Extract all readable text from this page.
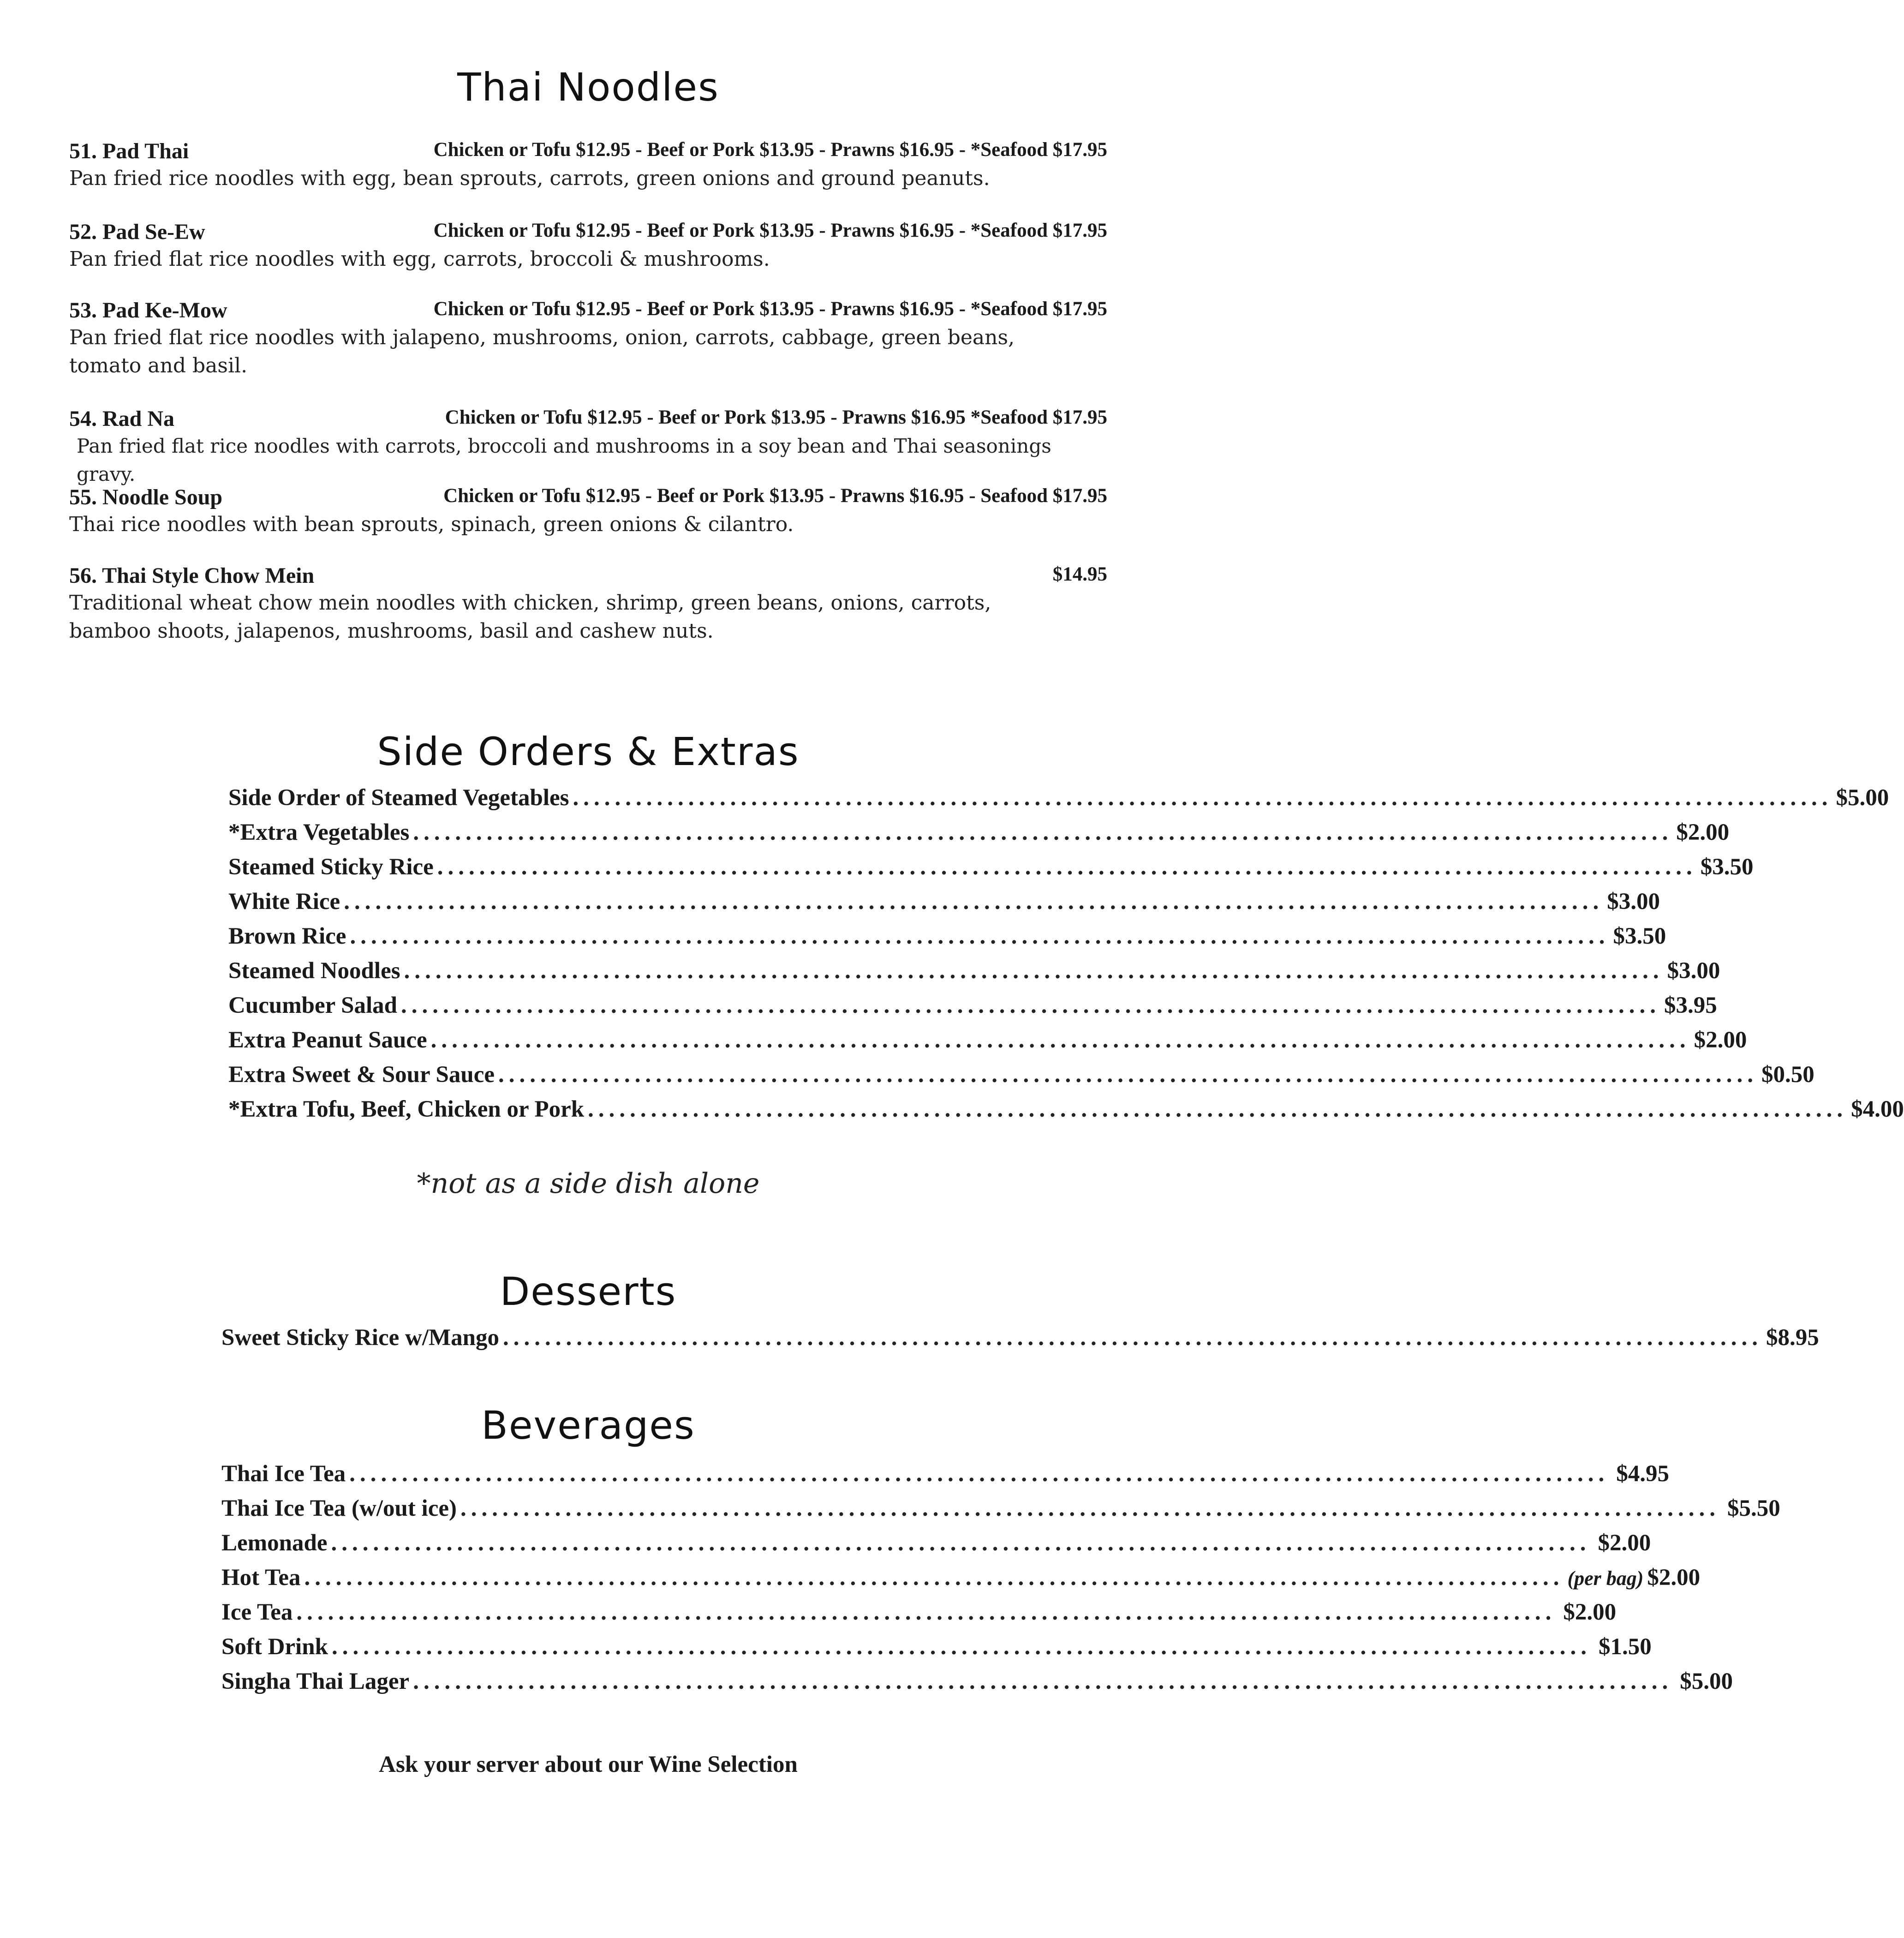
Thai Noodles
51. Pad Thai	Chicken or Tofu $12.95 - Beef or Pork $13.95 - Prawns $16.95 - *Seafood $17.95
Pan fried rice noodles with egg, bean sprouts, carrots, green onions and ground peanuts.
52. Pad Se-Ew	Chicken or Tofu $12.95 - Beef or Pork $13.95 - Prawns $16.95 - *Seafood $17.95
Pan fried flat rice noodles with egg, carrots, broccoli & mushrooms.
53. Pad Ke-Mow	Chicken or Tofu $12.95 - Beef or Pork $13.95 - Prawns $16.95 - *Seafood $17.95
Pan fried flat rice noodles with jalapeno, mushrooms, onion, carrots, cabbage, green beans, tomato and basil.
54. Rad Na	Chicken or Tofu $12.95 - Beef or Pork $13.95 - Prawns $16.95 *Seafood $17.95
Pan fried flat rice noodles with carrots, broccoli and mushrooms in a soy bean and Thai seasonings gravy.
55. Noodle Soup	Chicken or Tofu $12.95 - Beef or Pork $13.95 - Prawns $16.95 - Seafood $17.95
Thai rice noodles with bean sprouts, spinach, green onions & cilantro.
56. Thai Style Chow Mein	$14.95
Traditional wheat chow mein noodles with chicken, shrimp, green beans, onions, carrots, bamboo shoots, jalapenos, mushrooms, basil and cashew nuts.
Side Orders & Extras
Side Order of Steamed Vegetables ........................................................................................................................ $5.00
* Extra Vegetables ........................................................................................................................ $2.00
Steamed Sticky Rice ........................................................................................................................ $3.50
White Rice ........................................................................................................................ $3.00
Brown Rice ........................................................................................................................ $3.50
Steamed Noodles ........................................................................................................................ $3.00
Cucumber Salad ........................................................................................................................ $3.95
Extra Peanut Sauce ........................................................................................................................ $2.00
Extra Sweet & Sour Sauce ........................................................................................................................ $0.50
* Extra Tofu, Beef, Chicken or Pork ........................................................................................................................ $4.00
*not as a side dish alone
Desserts
Sweet Sticky Rice w/Mango ........................................................................................................................ $8.95
Beverages
Thai Ice Tea ........................................................................................................................ $4.95
Thai Ice Tea (w/out ice) ........................................................................................................................ $5.50
Lemonade ........................................................................................................................ $2.00
Hot Tea ........................................................................................................................ (per bag) $2.00
Ice Tea ........................................................................................................................ $2.00
Soft Drink ........................................................................................................................ $1.50
Singha Thai Lager ........................................................................................................................ $5.00
Ask your server about our Wine Selection
